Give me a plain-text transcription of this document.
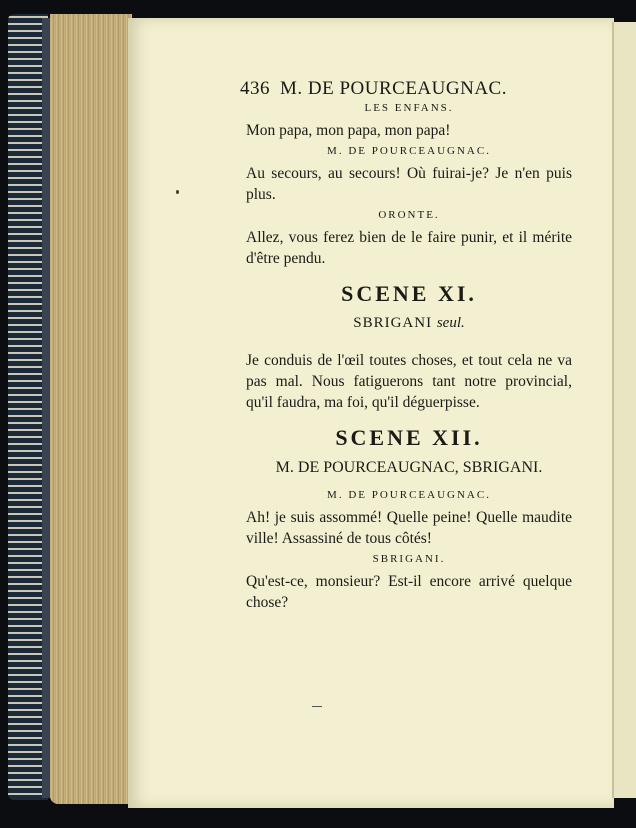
436 M. DE POURCEAUGNAC.
LES ENFANS.
Mon papa, mon papa, mon papa!
M. DE POURCEAUGNAC.
Au secours, au secours! Où fuirai-je? Je n'en puis plus.
ORONTE.
Allez, vous ferez bien de le faire punir, et il mérite d'être pendu.
SCENE XI.
SBRIGANI seul.
Je conduis de l'œil toutes choses, et tout cela ne va pas mal. Nous fatiguerons tant notre provincial, qu'il faudra, ma foi, qu'il déguerpisse.
SCENE XII.
M. DE POURCEAUGNAC, SBRIGANI.
M. DE POURCEAUGNAC.
Ah! je suis assommé! Quelle peine! Quelle maudite ville! Assassiné de tous côtés!
SBRIGANI.
Qu'est-ce, monsieur? Est-il encore arrivé quelque chose?
